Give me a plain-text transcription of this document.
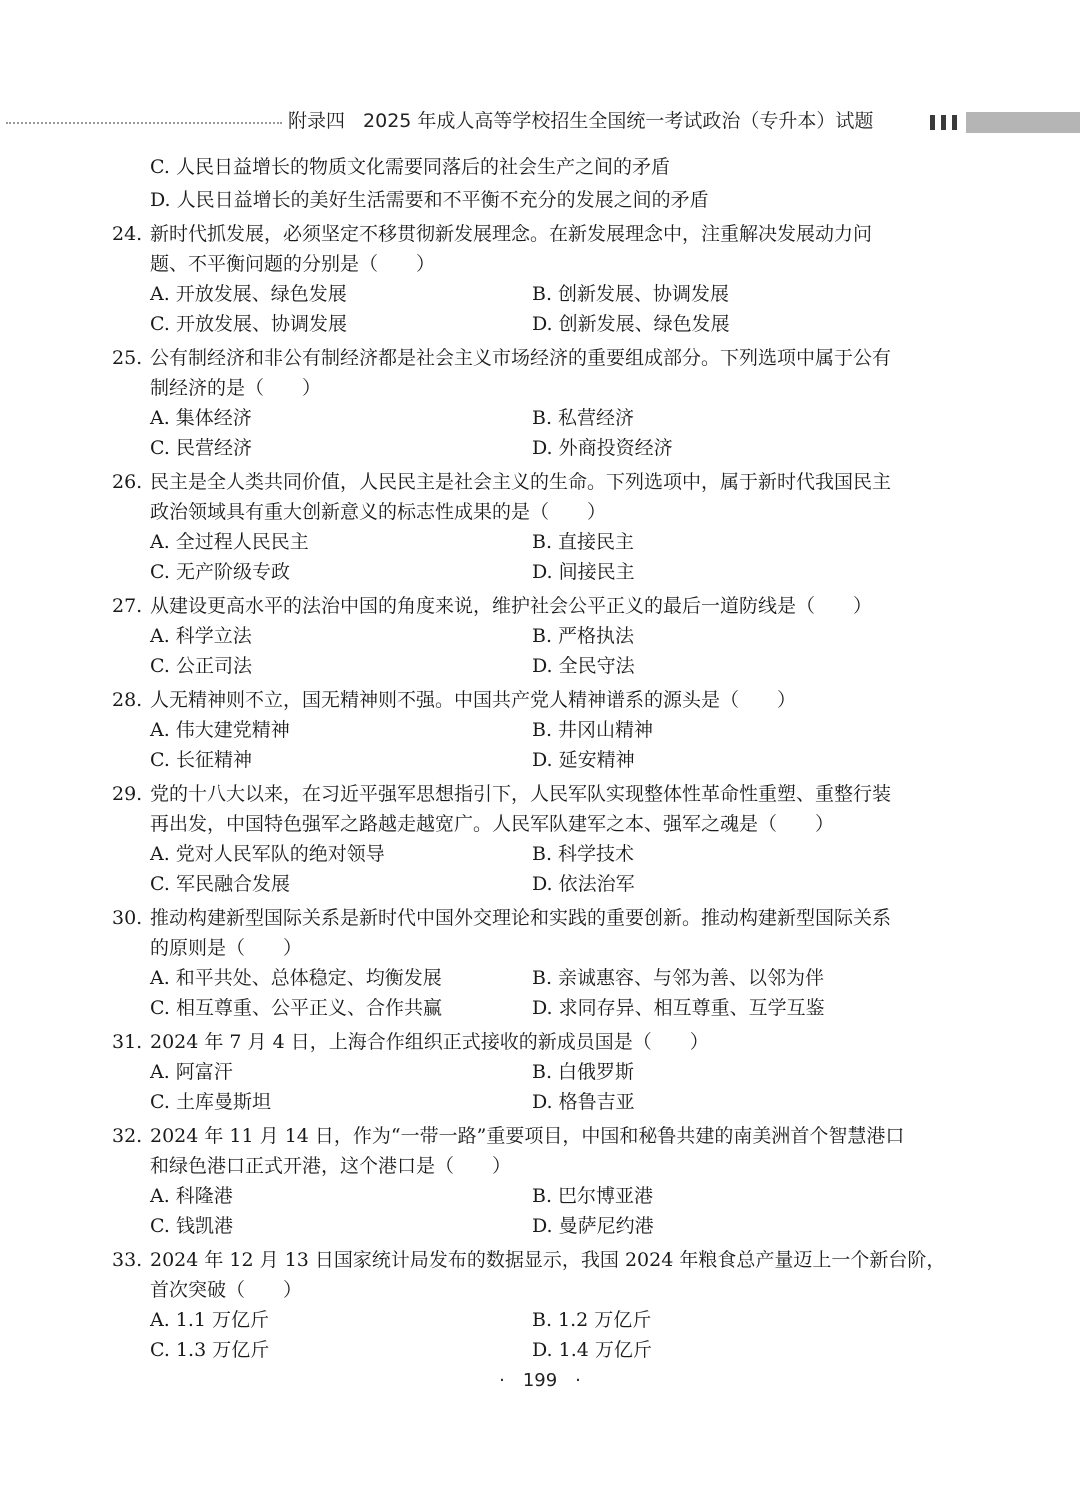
附录四 2025 年成人高等学校招生全国统一考试政治（专升本）试题
C. 人民日益增长的物质文化需要同落后的社会生产之间的矛盾
D. 人民日益增长的美好生活需要和不平衡不充分的发展之间的矛盾
24. 新时代抓发展，必须坚定不移贯彻新发展理念。在新发展理念中，注重解决发展动力问
题、不平衡问题的分别是（　　）
A. 开放发展、绿色发展	B. 创新发展、协调发展
C. 开放发展、协调发展	D. 创新发展、绿色发展
25. 公有制经济和非公有制经济都是社会主义市场经济的重要组成部分。下列选项中属于公有
制经济的是（　　）
A. 集体经济	B. 私营经济
C. 民营经济	D. 外商投资经济
26. 民主是全人类共同价值，人民民主是社会主义的生命。下列选项中，属于新时代我国民主
政治领域具有重大创新意义的标志性成果的是（　　）
A. 全过程人民民主	B. 直接民主
C. 无产阶级专政	D. 间接民主
27. 从建设更高水平的法治中国的角度来说，维护社会公平正义的最后一道防线是（　　）
A. 科学立法	B. 严格执法
C. 公正司法	D. 全民守法
28. 人无精神则不立，国无精神则不强。中国共产党人精神谱系的源头是（　　）
A. 伟大建党精神	B. 井冈山精神
C. 长征精神	D. 延安精神
29. 党的十八大以来，在习近平强军思想指引下，人民军队实现整体性革命性重塑、重整行装
再出发，中国特色强军之路越走越宽广。人民军队建军之本、强军之魂是（　　）
A. 党对人民军队的绝对领导	B. 科学技术
C. 军民融合发展	D. 依法治军
30. 推动构建新型国际关系是新时代中国外交理论和实践的重要创新。推动构建新型国际关系
的原则是（　　）
A. 和平共处、总体稳定、均衡发展	B. 亲诚惠容、与邻为善、以邻为伴
C. 相互尊重、公平正义、合作共赢	D. 求同存异、相互尊重、互学互鉴
31. 2024 年 7 月 4 日，上海合作组织正式接收的新成员国是（　　）
A. 阿富汗	B. 白俄罗斯
C. 土库曼斯坦	D. 格鲁吉亚
32. 2024 年 11 月 14 日，作为“一带一路”重要项目，中国和秘鲁共建的南美洲首个智慧港口
和绿色港口正式开港，这个港口是（　　）
A. 科隆港	B. 巴尔博亚港
C. 钱凯港	D. 曼萨尼约港
33. 2024 年 12 月 13 日国家统计局发布的数据显示，我国 2024 年粮食总产量迈上一个新台阶，
首次突破（　　）
A. 1.1 万亿斤	B. 1.2 万亿斤
C. 1.3 万亿斤	D. 1.4 万亿斤
·　199　·
